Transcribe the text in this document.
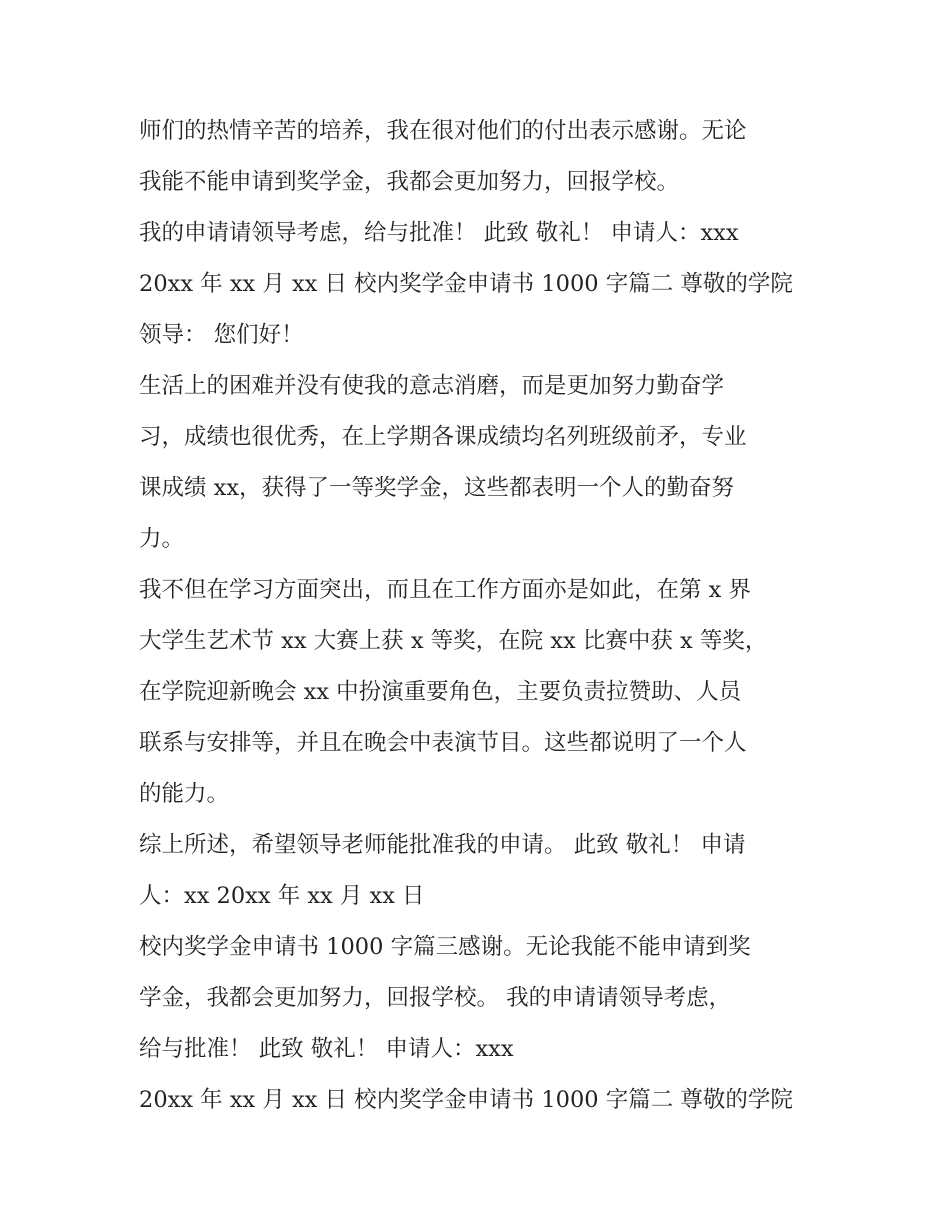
师们的热情辛苦的培养，我在很对他们的付出表示感谢。无论
我能不能申请到奖学金，我都会更加努力，回报学校。
我的申请请领导考虑，给与批准！ 此致 敬礼！ 申请人：xxx
20xx 年 xx 月 xx 日 校内奖学金申请书 1000 字篇二 尊敬的学院
领导： 您们好！
生活上的困难并没有使我的意志消磨，而是更加努力勤奋学
习，成绩也很优秀，在上学期各课成绩均名列班级前矛，专业
课成绩 xx，获得了一等奖学金，这些都表明一个人的勤奋努
力。
我不但在学习方面突出，而且在工作方面亦是如此，在第 x 界
大学生艺术节 xx 大赛上获 x 等奖，在院 xx 比赛中获 x 等奖，
在学院迎新晚会 xx 中扮演重要角色，主要负责拉赞助、人员
联系与安排等，并且在晚会中表演节目。这些都说明了一个人
的能力。
综上所述，希望领导老师能批准我的申请。 此致 敬礼！ 申请
人：xx 20xx 年 xx 月 xx 日
校内奖学金申请书 1000 字篇三感谢。无论我能不能申请到奖
学金，我都会更加努力，回报学校。 我的申请请领导考虑，
给与批准！ 此致 敬礼！ 申请人：xxx
20xx 年 xx 月 xx 日 校内奖学金申请书 1000 字篇二 尊敬的学院
